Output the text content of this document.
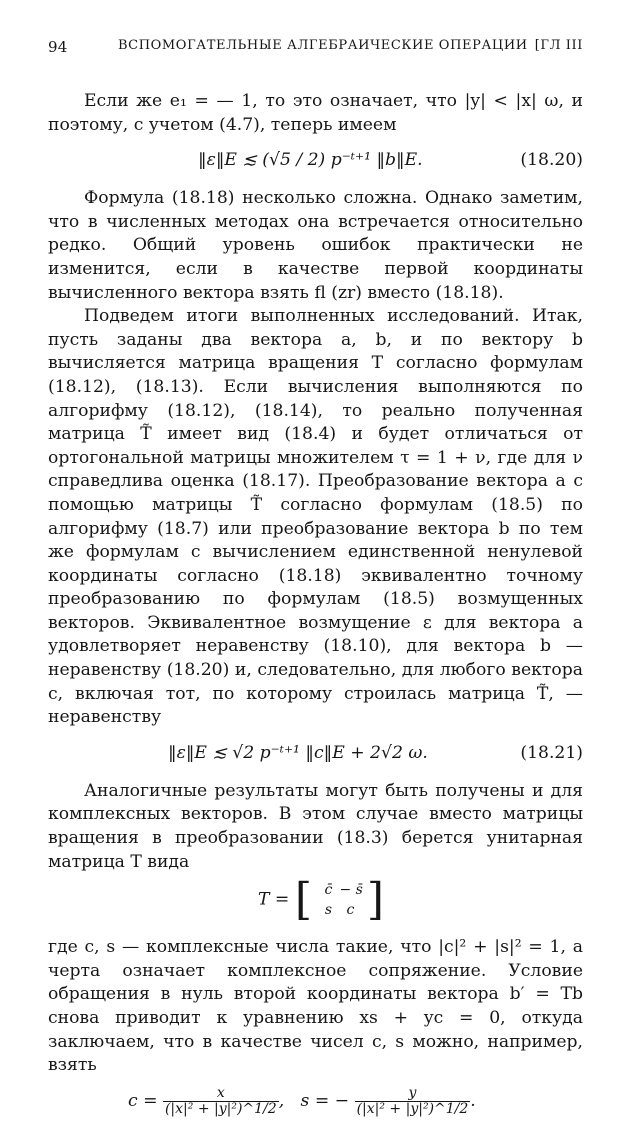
94	ВСПОМОГАТЕЛЬНЫЕ АЛГЕБРАИЧЕСКИЕ ОПЕРАЦИИ [ГЛ III

Если же e₁ = — 1, то это означает, что |y| < |x| ω, и поэтому, с учетом (4.7), теперь имеем

‖ε‖E ≲ (√5 / 2) p⁻ᵗ⁺¹ ‖b‖E.	(18.20)

Формула (18.18) несколько сложна. Однако заметим, что в численных методах она встречается относительно редко. Общий уровень ошибок практически не изменится, если в качестве первой координаты вычисленного вектора взять fl (zr) вместо (18.18).

Подведем итоги выполненных исследований. Итак, пусть заданы два вектора a, b, и по вектору b вычисляется матрица вращения T согласно формулам (18.12), (18.13). Если вычисления выполняются по алгорифму (18.12), (18.14), то реально полученная матрица T̃ имеет вид (18.4) и будет отличаться от ортогональной матрицы множителем τ = 1 + ν, где для ν справедлива оценка (18.17). Преобразование вектора a с помощью матрицы T̃ согласно формулам (18.5) по алгорифму (18.7) или преобразование вектора b по тем же формулам с вычислением единственной ненулевой координаты согласно (18.18) эквивалентно точному преобразованию по формулам (18.5) возмущенных векторов. Эквивалентное возмущение ε для вектора a удовлетворяет неравенству (18.10), для вектора b — неравенству (18.20) и, следовательно, для любого вектора c, включая тот, по которому строилась матрица T̃, — неравенству

‖ε‖E ≲ √2 p⁻ᵗ⁺¹ ‖c‖E + 2√2 ω.	(18.21)

Аналогичные результаты могут быть получены и для комплексных векторов. В этом случае вместо матрицы вращения в преобразовании (18.3) берется унитарная матрица T вида

T = [ c̄ − s̄
s	c ]

где c, s — комплексные числа такие, что |c|² + |s|² = 1, а черта означает комплексное сопряжение. Условие обращения в нуль второй координаты вектора b′ = Tb снова приводит к уравнению xs + yc = 0, откуда заключаем, что в качестве чисел c, s можно, например, взять

$c = \frac{x}{\text{(|x|² + |y|²)\textasciicircum{}1/2}}$ , s = − $\frac{y}{\text{(|x|² + |y|²)\textasciicircum{}1/2}}$ .
